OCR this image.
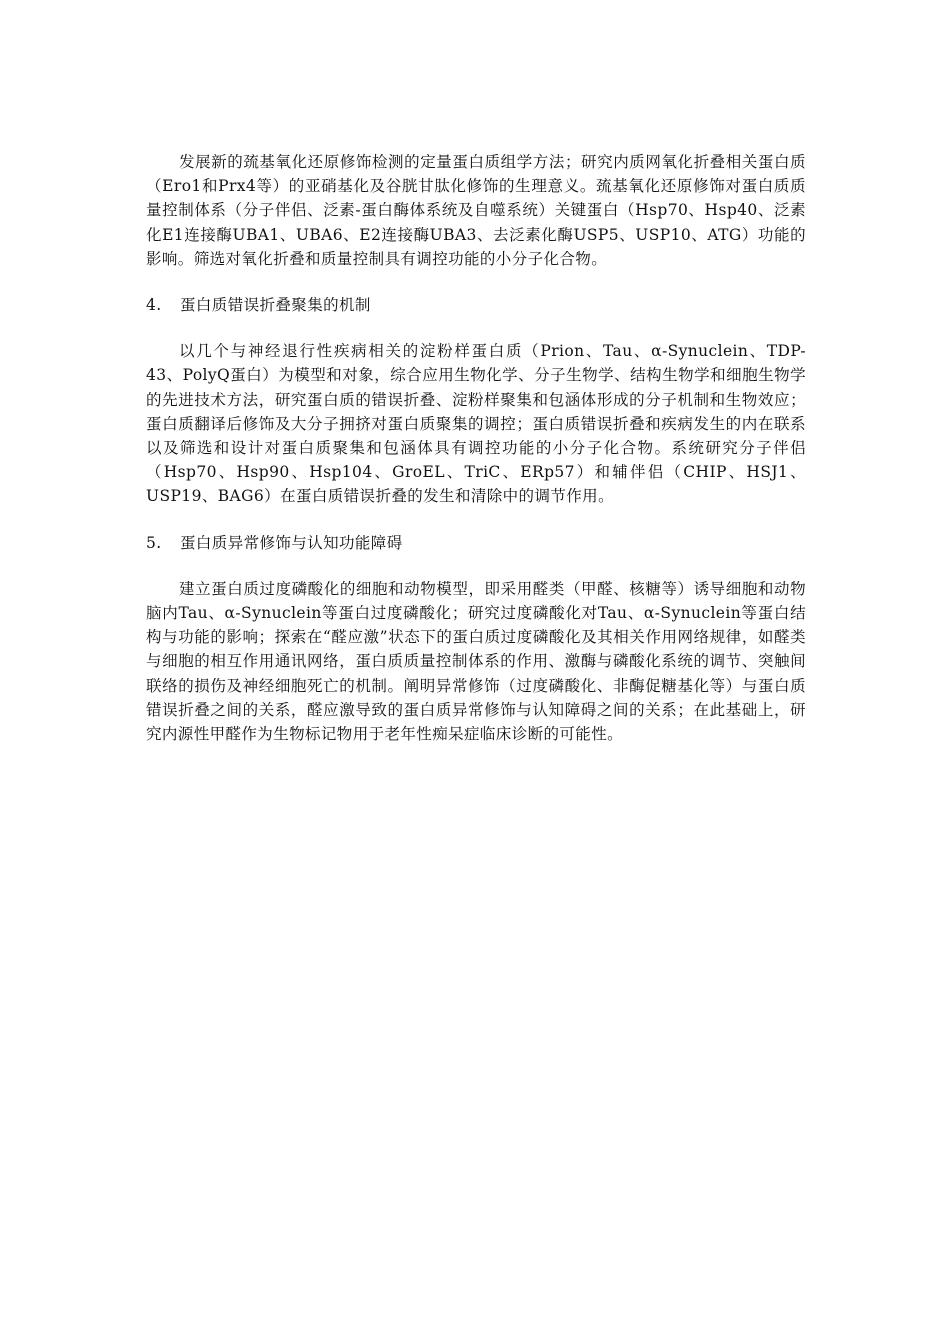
发展新的巯基氧化还原修饰检测的定量蛋白质组学方法；研究内质网氧化折叠相关蛋白质（Ero1和Prx4等）的亚硝基化及谷胱甘肽化修饰的生理意义。巯基氧化还原修饰对蛋白质质量控制体系（分子伴侣、泛素-蛋白酶体系统及自噬系统）关键蛋白（Hsp70、Hsp40、泛素化E1连接酶UBA1、UBA6、E2连接酶UBA3、去泛素化酶USP5、USP10、ATG）功能的影响。筛选对氧化折叠和质量控制具有调控功能的小分子化合物。

4. 蛋白质错误折叠聚集的机制

以几个与神经退行性疾病相关的淀粉样蛋白质（Prion、Tau、α-Synuclein、TDP-43、PolyQ蛋白）为模型和对象，综合应用生物化学、分子生物学、结构生物学和细胞生物学的先进技术方法，研究蛋白质的错误折叠、淀粉样聚集和包涵体形成的分子机制和生物效应；蛋白质翻译后修饰及大分子拥挤对蛋白质聚集的调控；蛋白质错误折叠和疾病发生的内在联系以及筛选和设计对蛋白质聚集和包涵体具有调控功能的小分子化合物。系统研究分子伴侣（Hsp70、Hsp90、Hsp104、GroEL、TriC、ERp57）和辅伴侣（CHIP、HSJ1、USP19、BAG6）在蛋白质错误折叠的发生和清除中的调节作用。

5. 蛋白质异常修饰与认知功能障碍

建立蛋白质过度磷酸化的细胞和动物模型，即采用醛类（甲醛、核糖等）诱导细胞和动物脑内Tau、α-Synuclein等蛋白过度磷酸化；研究过度磷酸化对Tau、α-Synuclein等蛋白结构与功能的影响；探索在“醛应激”状态下的蛋白质过度磷酸化及其相关作用网络规律，如醛类与细胞的相互作用通讯网络，蛋白质质量控制体系的作用、激酶与磷酸化系统的调节、突触间联络的损伤及神经细胞死亡的机制。阐明异常修饰（过度磷酸化、非酶促糖基化等）与蛋白质错误折叠之间的关系，醛应激导致的蛋白质异常修饰与认知障碍之间的关系；在此基础上，研究内源性甲醛作为生物标记物用于老年性痴呆症临床诊断的可能性。
